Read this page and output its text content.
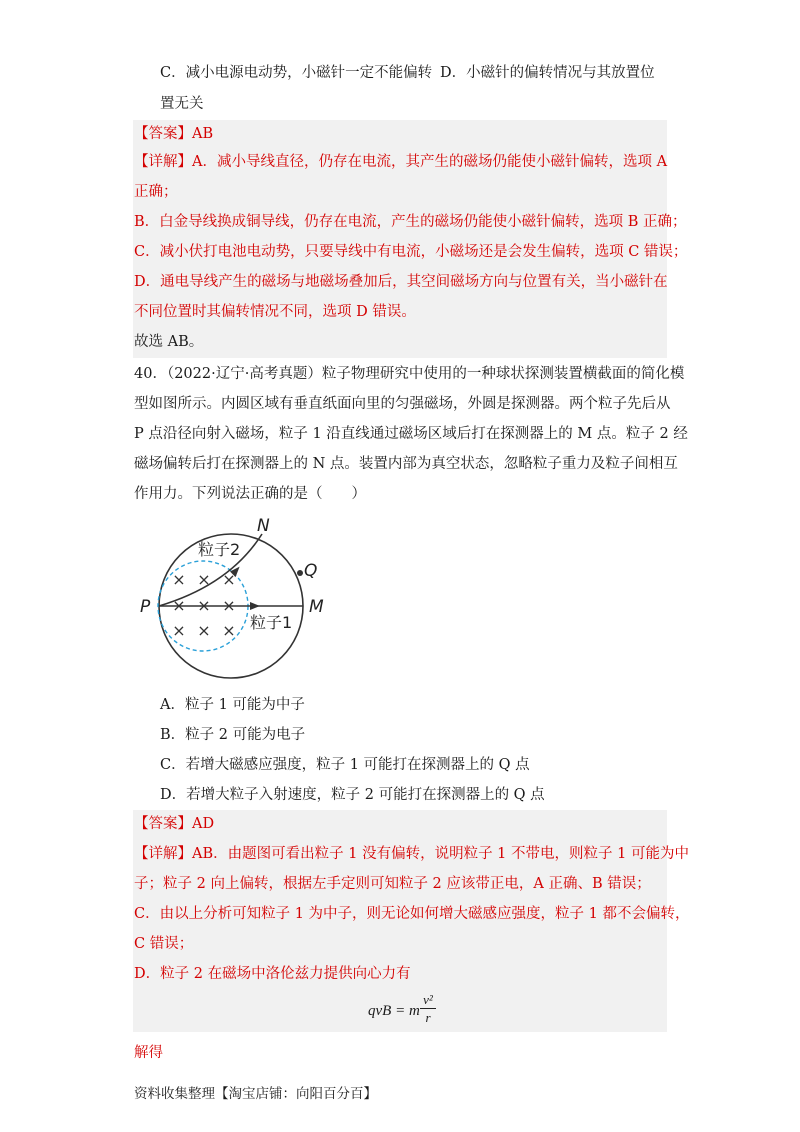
C．减小电源电动势，小磁针一定不能偏转 D．小磁针的偏转情况与其放置位
置无关
【答案】AB
【详解】A．减小导线直径，仍存在电流，其产生的磁场仍能使小磁针偏转，选项 A
正确；
B．白金导线换成铜导线，仍存在电流，产生的磁场仍能使小磁针偏转，选项 B 正确；
C．减小伏打电池电动势，只要导线中有电流，小磁场还是会发生偏转，选项 C 错误；
D．通电导线产生的磁场与地磁场叠加后，其空间磁场方向与位置有关，当小磁针在
不同位置时其偏转情况不同，选项 D 错误。
故选 AB。
40．（2022·辽宁·高考真题）粒子物理研究中使用的一种球状探测装置横截面的简化模
型如图所示。内圆区域有垂直纸面向里的匀强磁场，外圆是探测器。两个粒子先后从
P 点沿径向射入磁场，粒子 1 沿直线通过磁场区域后打在探测器上的 M 点。粒子 2 经
磁场偏转后打在探测器上的 N 点。装置内部为真空状态，忽略粒子重力及粒子间相互
作用力。下列说法正确的是（　　）
× × ×
× × ×
× × ×
N
Q
P	M
粒子1
粒子2
A．粒子 1 可能为中子
B．粒子 2 可能为电子
C．若增大磁感应强度，粒子 1 可能打在探测器上的 Q 点
D．若增大粒子入射速度，粒子 2 可能打在探测器上的 Q 点
【答案】AD
【详解】AB．由题图可看出粒子 1 没有偏转，说明粒子 1 不带电，则粒子 1 可能为中
子；粒子 2 向上偏转，根据左手定则可知粒子 2 应该带正电，A 正确、B 错误；
C．由以上分析可知粒子 1 为中子，则无论如何增大磁感应强度，粒子 1 都不会偏转，
C 错误；
D．粒子 2 在磁场中洛伦兹力提供向心力有
qvB = m
v²
r
解得
资料收集整理【淘宝店铺：向阳百分百】
